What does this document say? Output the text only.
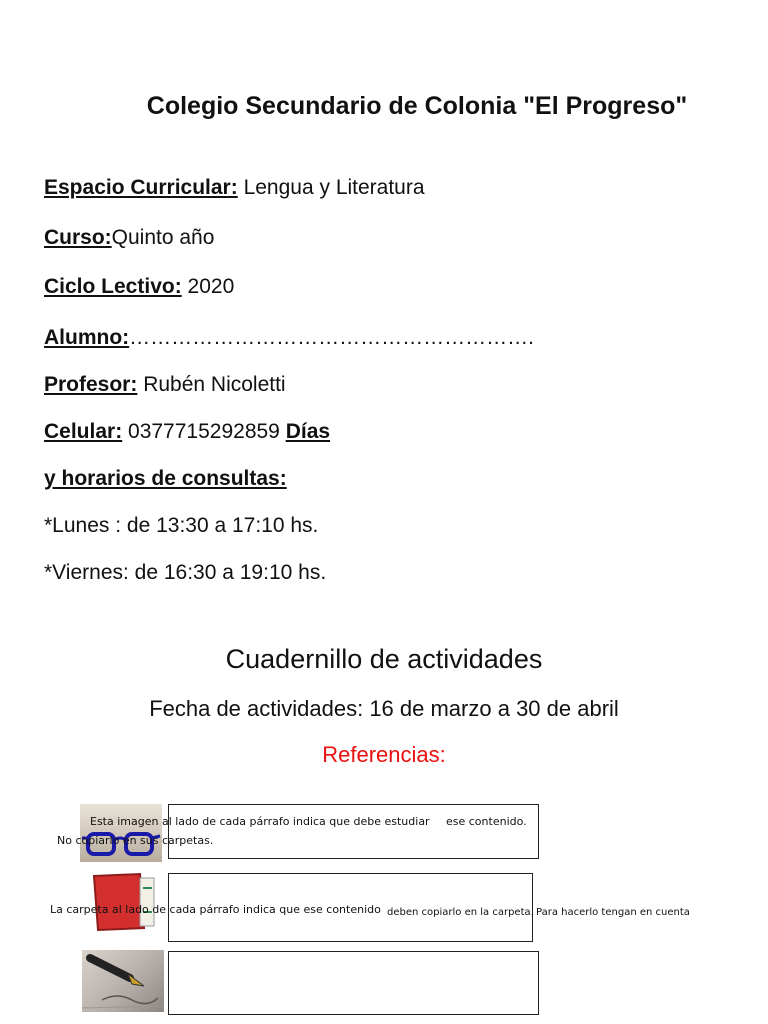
Colegio Secundario de Colonia "El Progreso"
Espacio Curricular: Lengua y Literatura
Curso:Quinto año
Ciclo Lectivo: 2020
Alumno:………………………………………………….
Profesor: Rubén Nicoletti
Celular: 0377715292859 Días
y horarios de consultas:
*Lunes : de 13:30 a 17:10 hs.
*Viernes: de 16:30 a 19:10 hs.
Cuadernillo de actividades
Fecha de actividades: 16 de marzo a 30 de abril
Referencias:
Esta imagen al lado de cada párrafo indica que debe estudiar ese contenido.
No copiarlo en sus carpetas.
La carpeta al lado de cada párrafo indica que ese contenido deben copiarlo en la carpeta. Para hacerlo tengan en cuenta
